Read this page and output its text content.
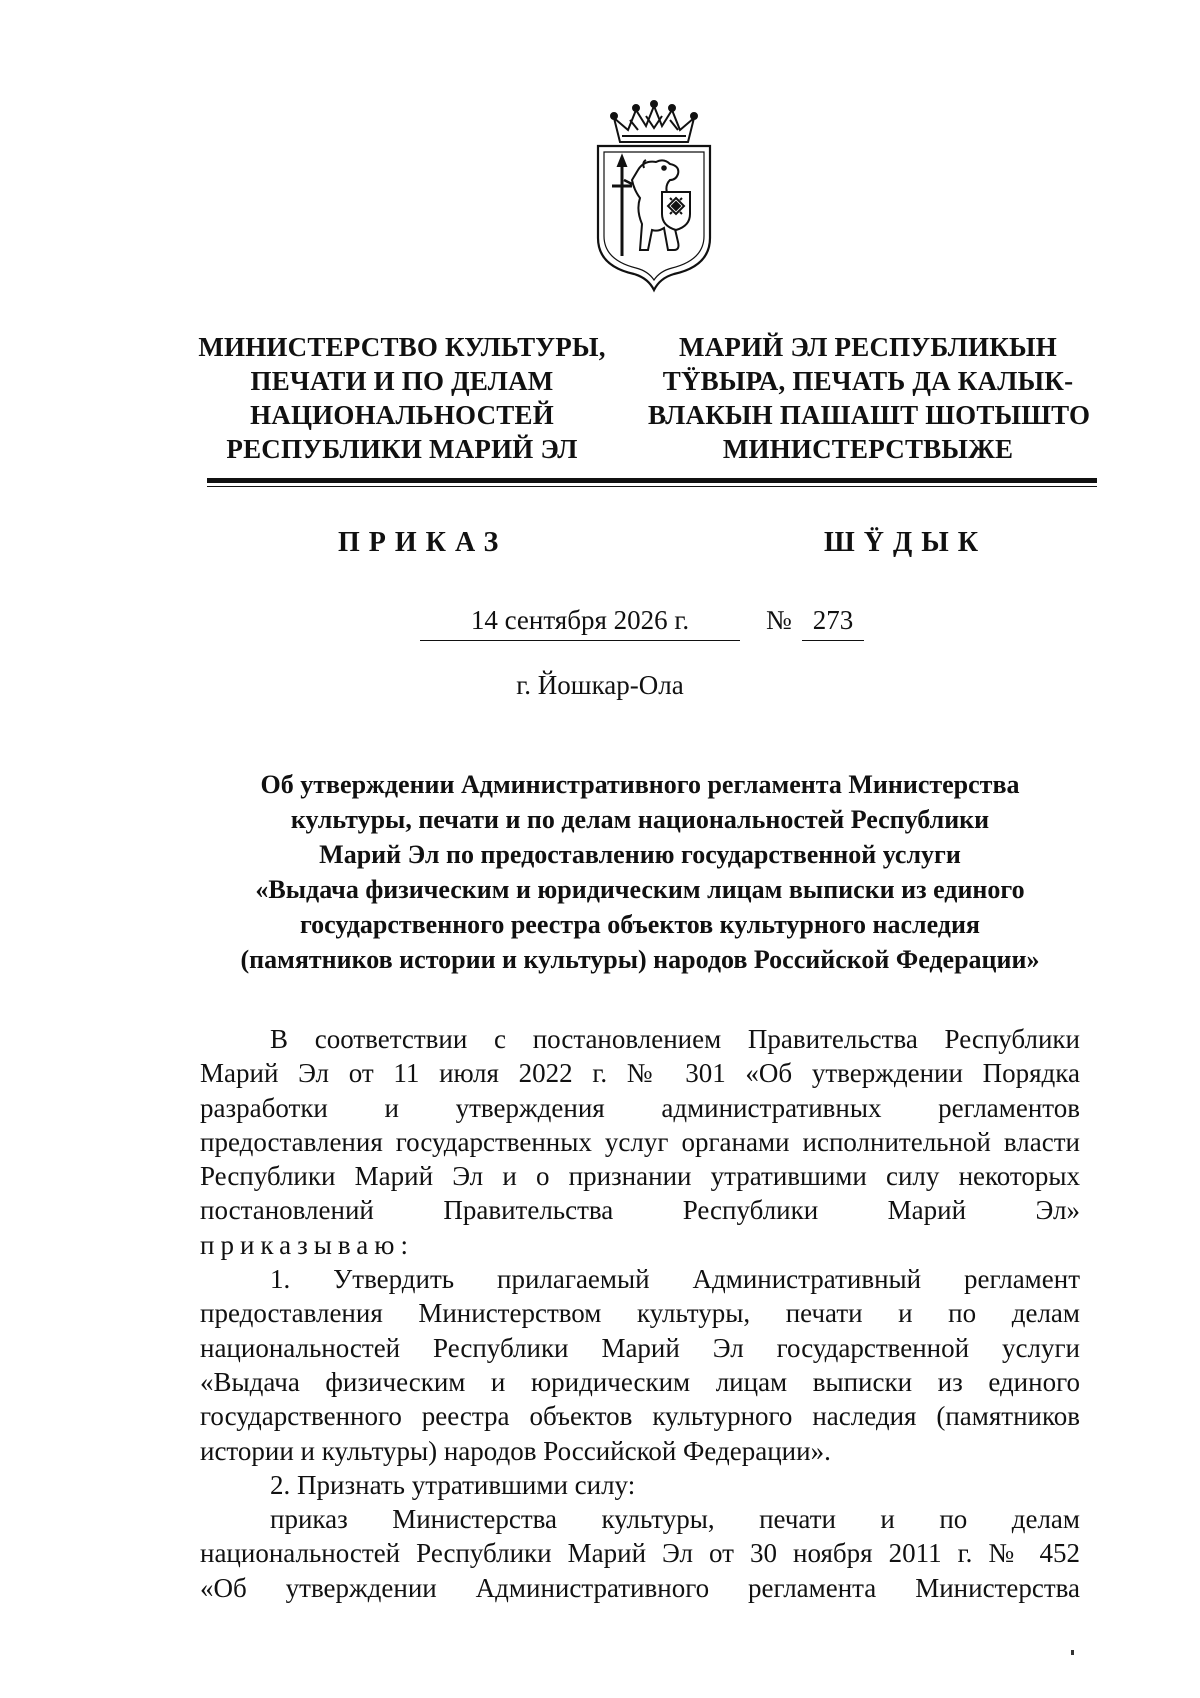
МИНИСТЕРСТВО КУЛЬТУРЫ,
ПЕЧАТИ И ПО ДЕЛАМ
НАЦИОНАЛЬНОСТЕЙ
РЕСПУБЛИКИ МАРИЙ ЭЛ
МАРИЙ ЭЛ РЕСПУБЛИКЫН
ТŸВЫРА, ПЕЧАТЬ ДА КАЛЫК-
ВЛАКЫН ПАШАШТ ШОТЫШТО
МИНИСТЕРСТВЫЖЕ
ПРИКАЗ	ШŸДЫК
14 сентября 2026 г.	№ 273
г. Йошкар-Ола
Об утверждении Административного регламента Министерства
культуры, печати и по делам национальностей Республики
Марий Эл по предоставлению государственной услуги
«Выдача физическим и юридическим лицам выписки из единого
государственного реестра объектов культурного наследия
(памятников истории и культуры) народов Российской Федерации»
В соответствии с постановлением Правительства Республики
Марий Эл от 11 июля 2022 г. № 301 «Об утверждении Порядка
разработки и утверждения административных регламентов
предоставления государственных услуг органами исполнительной власти
Республики Марий Эл и о признании утратившими силу некоторых
постановлений Правительства Республики Марий Эл»
приказываю:
1. Утвердить прилагаемый Административный регламент
предоставления Министерством культуры, печати и по делам
национальностей Республики Марий Эл государственной услуги
«Выдача физическим и юридическим лицам выписки из единого
государственного реестра объектов культурного наследия (памятников
истории и культуры) народов Российской Федерации».
2. Признать утратившими силу:
приказ Министерства культуры, печати и по делам
национальностей Республики Марий Эл от 30 ноября 2011 г. № 452
«Об утверждении Административного регламента Министерства
